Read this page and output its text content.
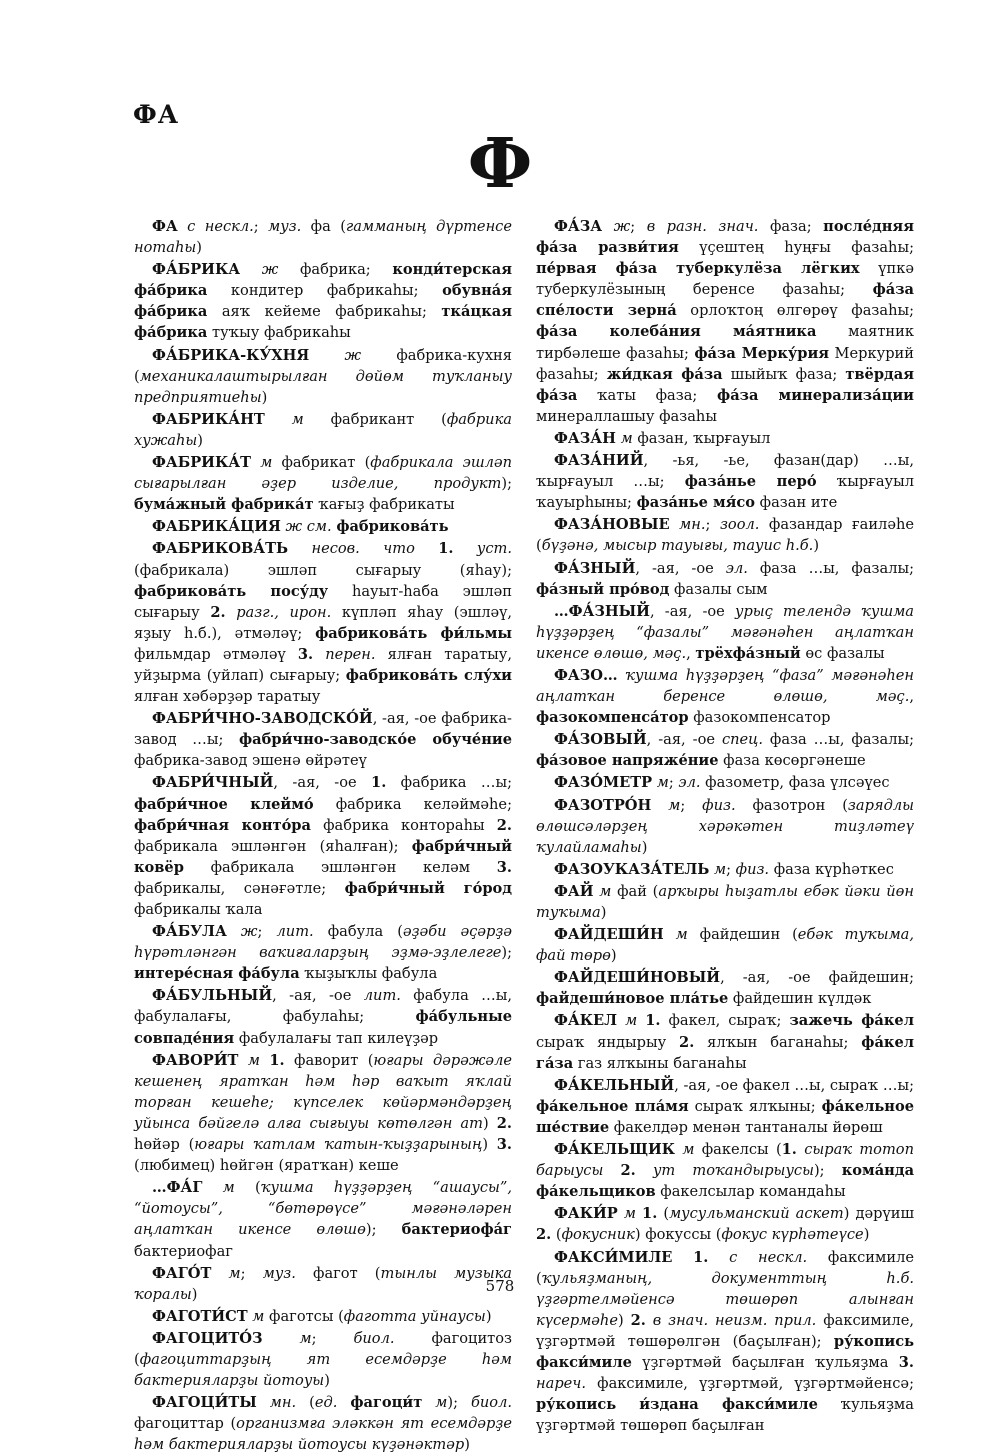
ФА
Ф

ФА с нескл.; муз. фа (гамманың дүртенсе нотаһы)

ФА́БРИКА ж фабрика; конди́терская фа́брика кондитер фабрикаһы; обувна́я фа́брика аяҡ кейеме фабрикаһы; тка́цкая фа́брика туҡыу фабрикаһы

ФА́БРИКА-КУ́ХНЯ ж фабрика-кухня (механикалаштырылған дөйөм туҡланыу предприятиеһы)

ФАБРИКА́НТ м фабрикант (фабрика хужаһы)

ФАБРИКА́Т м фабрикат (фабрикала эшләп сығарылған әҙер изделие, продукт); бума́жный фабрика́т ҡағыҙ фабрикаты

ФАБРИКА́ЦИЯ ж см. фабрикова́ть

ФАБРИКОВА́ТЬ несов. что 1. уст. (фабрикала) эшләп сығарыу (яһау); фабрикова́ть посу́ду һауыт-һаба эшләп сығарыу 2. разг., ирон. күпләп яһау (эшләү, яҙыу һ.б.), әтмәләү; фабрикова́ть фи́льмы фильмдар әтмәләү 3. перен. ялған таратыу, уйҙырма (уйлап) сығарыу; фабрикова́ть слу́хи ялған хәбәрҙәр таратыу

ФАБРИ́ЧНО-ЗАВОДСКО́Й, -ая, -ое фабрика-завод …ы; фабри́чно-заводско́е обуче́ние фабрика-завод эшенә өйрәтеү

ФАБРИ́ЧНЫЙ, -ая, -ое 1. фабрика …ы; фабри́чное клеймо́ фабрика келәймәһе; фабри́чная конто́ра фабрика контораһы 2. фабрикала эшләнгән (яһалған); фабри́чный ковёр фабрикала эшләнгән келәм 3. фабрикалы, сәнәғәтле; фабри́чный го́род фабрикалы ҡала

ФА́БУЛА ж; лит. фабула (әҙәби әҫәрҙә һүрәтләнгән ваҡиғаларҙың эҙмә-эҙлелеге); интере́сная фа́була ҡыҙыҡлы фабула

ФА́БУЛЬНЫЙ, -ая, -ое лит. фабула …ы, фабулалағы, фабулаһы; фа́бульные совпаде́ния фабулалағы тап килеүҙәр

ФАВОРИ́Т м 1. фаворит (юғары дәрәжәле кешенең яратҡан һәм һәр ваҡыт яҡлай торған кешеһе; күпселек көйәрмәндәрҙең уйынса бәйгелә алға сығыуы көтөлгән ат) 2. һөйәр (юғары ҡатлам ҡатын-ҡыҙҙарының) 3. (любимец) һөйгән (яратҡан) кеше

…ФА́Г м (ҡушма һүҙҙәрҙең “ашаусы”, “йотоусы”, “бөтөрөүсе” мәғәнәләрен аңлатҡан икенсе өлөшө); бактериофа́г бактериофаг

ФАГО́Т м; муз. фагот (тынлы музыка ҡоралы)

ФАГОТИ́СТ м фаготсы (фаготта уйнаусы)

ФАГОЦИТО́З	м; биол. фагоцитоз (фагоциттарҙың ят есемдәрҙе һәм бактерияларҙы йотоуы)

ФАГОЦИ́ТЫ мн. (ед. фагоци́т м); биол. фагоциттар (организмға эләккән ят есемдәрҙе һәм бактерияларҙы йотоусы күҙәнәктәр)

ФА́ЗА ж; в разн. знач. фаза; после́дняя фа́за разви́тия үҫештең һуңғы фазаһы; пе́рвая фа́за туберкулёза лёгких үпкә туберкулёзының беренсе фазаһы; фа́за спе́лости зерна́ орлоҡтоң өлгөрөү фазаһы; фа́за колеба́ния ма́ятника маятник тирбәлеше фазаһы; фа́за Мерку́рия Меркурий фазаһы; жи́дкая фа́за шыйыҡ фаза; твёрдая фа́за ҡаты фаза; фа́за минерализа́ции минераллашыу фазаһы

ФАЗА́Н м фазан, ҡырғауыл

ФАЗА́НИЙ, -ья, -ье, фазан(дар) …ы, ҡырғауыл …ы; фаза́нье перо́ ҡырғауыл ҡауырһыны; фаза́нье мя́со фазан ите

ФАЗА́НОВЫЕ мн.; зоол. фазандар ғаиләһе (бүҙәнә, мысыр тауығы, тауис һ.б.)

ФА́ЗНЫЙ, -ая, -ое эл. фаза …ы, фазалы; фа́зный про́вод фазалы сым

…ФА́ЗНЫЙ, -ая, -ое урыҫ телендә ҡушма һүҙҙәрҙең “фазалы” мәғәнәһен аңлатҡан икенсе өлөшө, мәҫ., трёхфа́зный өс фазалы

ФАЗО… ҡушма һүҙҙәрҙең “фаза” мәғәнәһен аңлатҡан беренсе өлөшө, мәҫ., фазокомпенса́тор фазокомпенсатор

ФА́ЗОВЫЙ, -ая, -ое спец. фаза …ы, фазалы; фа́зовое напряже́ние фаза көсөргәнеше

ФАЗО́МЕТР м; эл. фазометр, фаза үлсәүес

ФАЗОТРО́Н м; физ. фазотрон (зарядлы өлөшсәләрҙең хәрәкәтен тиҙләтеү ҡулайламаһы)

ФАЗОУКАЗА́ТЕЛЬ м; физ. фаза күрһәткес

ФАЙ м фай (арҡыры һыҙатлы ебәк йәки йөн туҡыма)

ФАЙДЕШИ́Н м файдешин (ебәк туҡыма, фай төрө)

ФАЙДЕШИ́НОВЫЙ, -ая, -ое файдешин; файдеши́новое пла́тье файдешин күлдәк

ФА́КЕЛ м 1. факел, сыраҡ; зажечь фа́кел сыраҡ яндырыу 2. ялҡын баганаһы; фа́кел га́за газ ялҡыны баганаһы

ФА́КЕЛЬНЫЙ, -ая, -ое факел …ы, сыраҡ …ы; фа́кельное пла́мя сыраҡ ялҡыны; фа́кельное ше́ствие факелдәр менән тантаналы йөрөш

ФА́КЕЛЬЩИК м факелсы (1. сыраҡ тотоп барыусы 2. ут тоҡандырыусы); кома́нда фа́кельщиков факелсылар командаһы

ФАКИ́Р м 1. (мусульманский аскет) дәрүиш 2. (фокусник) фокуссы (фокус күрһәтеүсе)

ФАКСИ́МИЛЕ 1. с нескл. факсимиле (ҡульяҙманың, документтың һ.б. үҙгәртелмәйенсә төшөрөп алынған күсермәһе) 2. в знач. неизм. прил. факсимиле, үҙгәртмәй төшөрөлгән (баҫылған); ру́копись факси́миле үҙгәртмәй баҫылған ҡульяҙма 3. нареч. факсимиле, үҙгәртмәй, үҙгәртмәйенсә; ру́копись и́здана факси́миле ҡульяҙма үҙгәртмәй төшөрөп баҫылған

578
